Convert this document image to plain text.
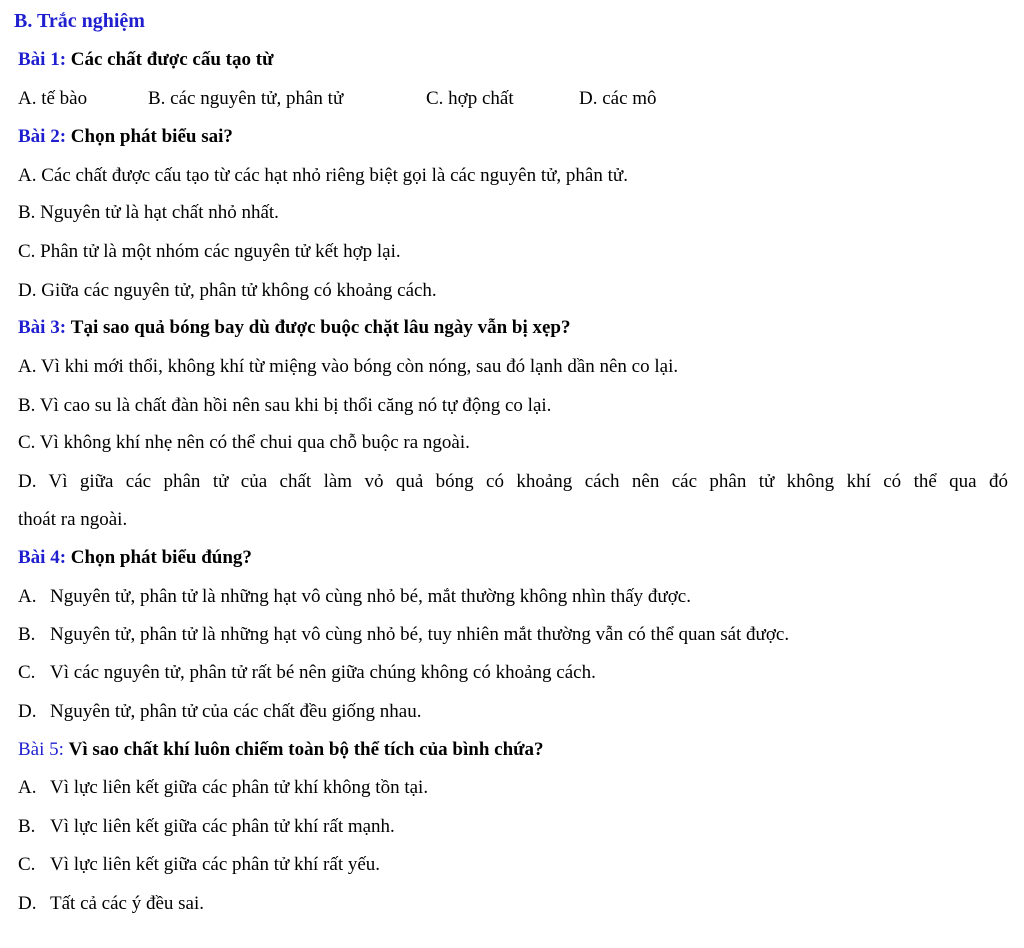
B. Trắc nghiệm
Bài 1: Các chất được cấu tạo từ
A. tế bào	B. các nguyên tử, phân tử	C. hợp chất	D. các mô
Bài 2: Chọn phát biểu sai?
A. Các chất được cấu tạo từ các hạt nhỏ riêng biệt gọi là các nguyên tử, phân tử.
B. Nguyên tử là hạt chất nhỏ nhất.
C. Phân tử là một nhóm các nguyên tử kết hợp lại.
D. Giữa các nguyên tử, phân tử không có khoảng cách.
Bài 3: Tại sao quả bóng bay dù được buộc chặt lâu ngày vẫn bị xẹp?
A. Vì khi mới thổi, không khí từ miệng vào bóng còn nóng, sau đó lạnh dần nên co lại.
B. Vì cao su là chất đàn hồi nên sau khi bị thổi căng nó tự động co lại.
C. Vì không khí nhẹ nên có thể chui qua chỗ buộc ra ngoài.
D. Vì giữa các phân tử của chất làm vỏ quả bóng có khoảng cách nên các phân tử không khí có thể qua đó
thoát ra ngoài.
Bài 4: Chọn phát biểu đúng?
A. Nguyên tử, phân tử là những hạt vô cùng nhỏ bé, mắt thường không nhìn thấy được.
B. Nguyên tử, phân tử là những hạt vô cùng nhỏ bé, tuy nhiên mắt thường vẫn có thể quan sát được.
C. Vì các nguyên tử, phân tử rất bé nên giữa chúng không có khoảng cách.
D. Nguyên tử, phân tử của các chất đều giống nhau.
Bài 5: Vì sao chất khí luôn chiếm toàn bộ thể tích của bình chứa?
A. Vì lực liên kết giữa các phân tử khí không tồn tại.
B. Vì lực liên kết giữa các phân tử khí rất mạnh.
C. Vì lực liên kết giữa các phân tử khí rất yếu.
D. Tất cả các ý đều sai.
